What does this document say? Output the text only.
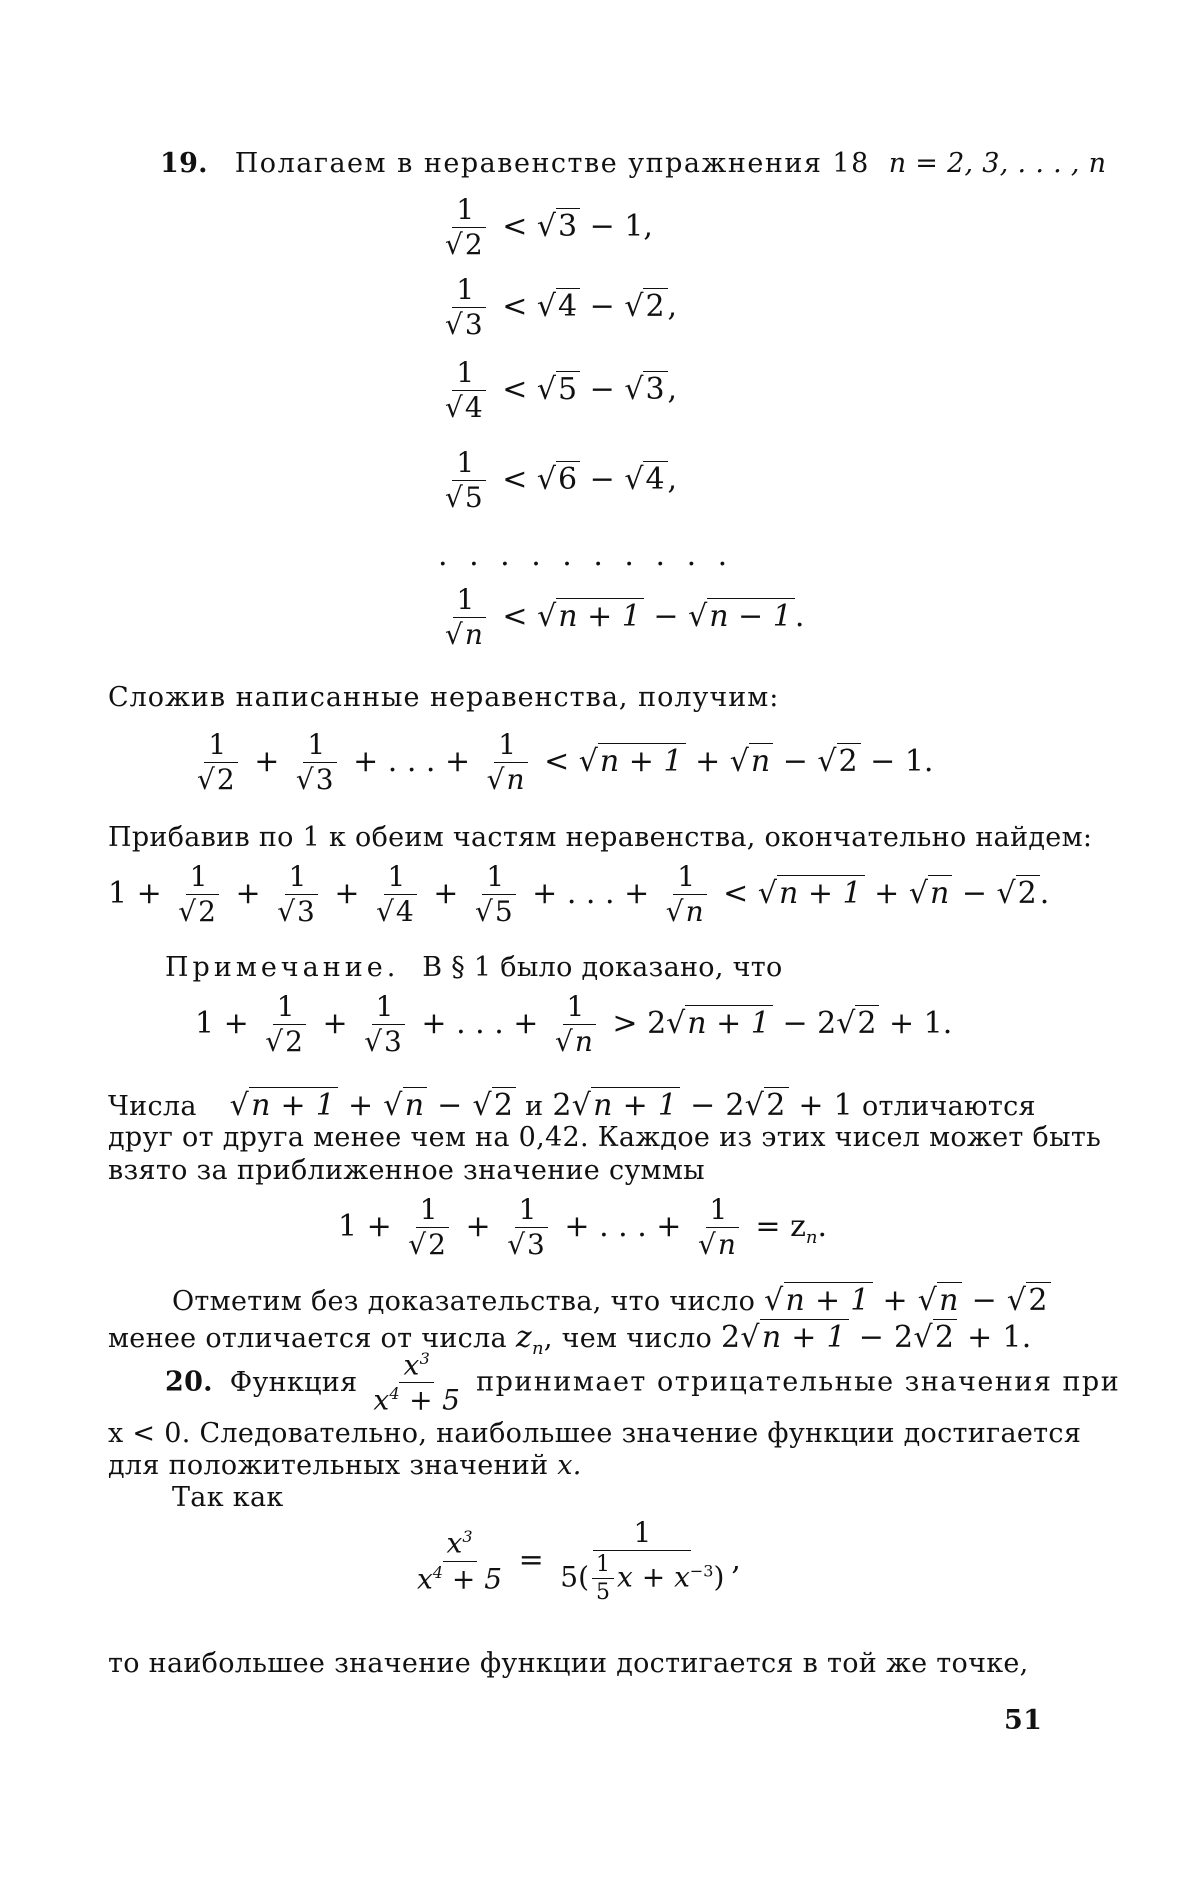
19. Полагаем в неравенстве упражнения 18 n = 2, 3, . . . , n
1
√ 2 < √ 3 − 1,
1
√ 3 < √ 4 − √ 2 ,
1
√ 4 < √ 5 − √ 3 ,
1
√ 5 < √ 6 − √ 4 ,
. . . . . . . . . .
1
√ n < √ n + 1 − √ n − 1 .
Сложив написанные неравенства, получим:
1
√ 2 + 1
√ 3 + . . . + 1
√ n < √ n + 1 + √ n − √ 2 − 1.
Прибавив по 1 к обеим частям неравенства, окончательно найдем:
1 + 1
√ 2 + 1
√ 3 + 1
√ 4 + 1
√ 5 + . . . + 1
√ n < √ n + 1 + √ n − √ 2 .
Примечание. В § 1 было доказано, что
1 + 1
√ 2 + 1
√ 3 + . . . + 1
√ n > 2 √ n + 1 − 2 √ 2 + 1.
Числа √ n + 1 + √ n − √ 2 и 2 √ n + 1 − 2 √ 2 + 1 отличаются
друг от друга менее чем на 0,42. Каждое из этих чисел может быть
взято за приближенное значение суммы
1 + 1
√ 2 + 1
√ 3 + . . . + 1
√ $n = z_n$.
Отметим без доказательства, что число √ n + 1 + √ n − √ 2
менее отличается от числа $z_n$, чем число 2 √ n + 1 − 2 √ 2 + 1.
20. Функция $\frac{x^3}{x^4 + 5}$ принимает отрицательные значения при
x < 0. Следовательно, наибольшее значение функции достигается
для положительных значений x.
Так как
$\frac{x^3}{x^4 + 5} = \frac{1}{5( \frac{1}{5} x + x^{-3})}$ ,
то наибольшее значение функции достигается в той же точке,
51
